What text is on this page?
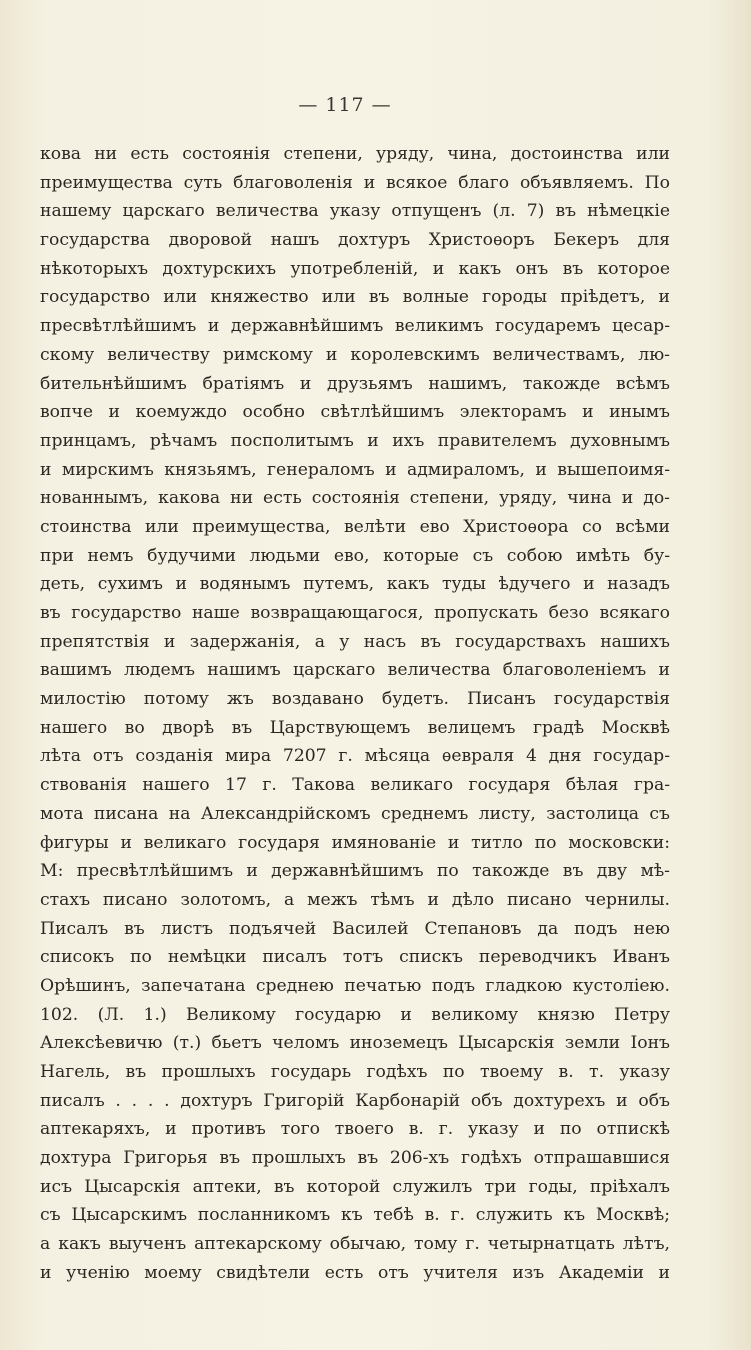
— 117 —
кова ни есть состоянія степени, уряду, чина, достоинства или
преимущества суть благоволенія и всякое благо объявляемъ. По
нашему царскаго величества указу отпущенъ (л. 7) въ нѣмецкіе
государства дворовой нашъ дохтуръ Христоѳоръ Бекеръ для
нѣкоторыхъ дохтурскихъ употребленій, и какъ онъ въ которое
государство или княжество или въ волные городы пріѣдетъ, и
пресвѣтлѣйшимъ и державнѣйшимъ великимъ государемъ цесар-
скому величеству римскому и королевскимъ величествамъ, лю-
бительнѣйшимъ братіямъ и друзьямъ нашимъ, такожде всѣмъ
вопче и коемуждо особно свѣтлѣйшимъ электорамъ и инымъ
принцамъ, рѣчамъ посполитымъ и ихъ правителемъ духовнымъ
и мирскимъ князьямъ, генераломъ и адмираломъ, и вышепоимя-
нованнымъ, какова ни есть состоянія степени, уряду, чина и до-
стоинства или преимущества, велѣти ево Христоѳора со всѣми
при немъ будучими людьми ево, которые съ собою имѣть бу-
деть, сухимъ и водянымъ путемъ, какъ туды ѣдучего и назадъ
въ государство наше возвращающагося, пропускать безо всякаго
препятствія и задержанія, а у насъ въ государствахъ нашихъ
вашимъ людемъ нашимъ царскаго величества благоволеніемъ и
милостію потому жъ воздавано будетъ. Писанъ государствія
нашего во дворѣ въ Царствующемъ велицемъ градѣ Москвѣ
лѣта отъ созданія мира 7207 г. мѣсяца ѳевраля 4 дня государ-
ствованія нашего 17 г. Такова великаго государя бѣлая гра-
мота писана на Александрійскомъ среднемъ листу, застолица съ
фигуры и великаго государя имянованіе и титло по московски:
М: пресвѣтлѣйшимъ и державнѣйшимъ по такожде въ дву мѣ-
стахъ писано золотомъ, а межъ тѣмъ и дѣло писано чернилы.
Писалъ въ листъ подъячей Василей Степановъ да подъ нею
списокъ по немѣцки писалъ тотъ спискъ переводчикъ Иванъ
Орѣшинъ, запечатана среднею печатью подъ гладкою кустоліею.
102. (Л. 1.) Великому государю и великому князю Петру
Алексѣевичю (т.) бьетъ челомъ иноземецъ Цысарскія земли Іонъ
Нагель, въ прошлыхъ государь годѣхъ по твоему в. т. указу
писалъ . . . . дохтуръ Григорій Карбонарій объ дохтурехъ и объ
аптекаряхъ, и противъ того твоего в. г. указу и по отпискѣ
дохтура Григорья въ прошлыхъ въ 206-хъ годѣхъ отпрашавшися
исъ Цысарскія аптеки, въ которой служилъ три годы, пріѣхалъ
съ Цысарскимъ посланникомъ къ тебѣ в. г. служить къ Москвѣ;
а какъ выученъ аптекарскому обычаю, тому г. четырнатцать лѣтъ,
и ученію моему свидѣтели есть отъ учителя изъ Академіи и
